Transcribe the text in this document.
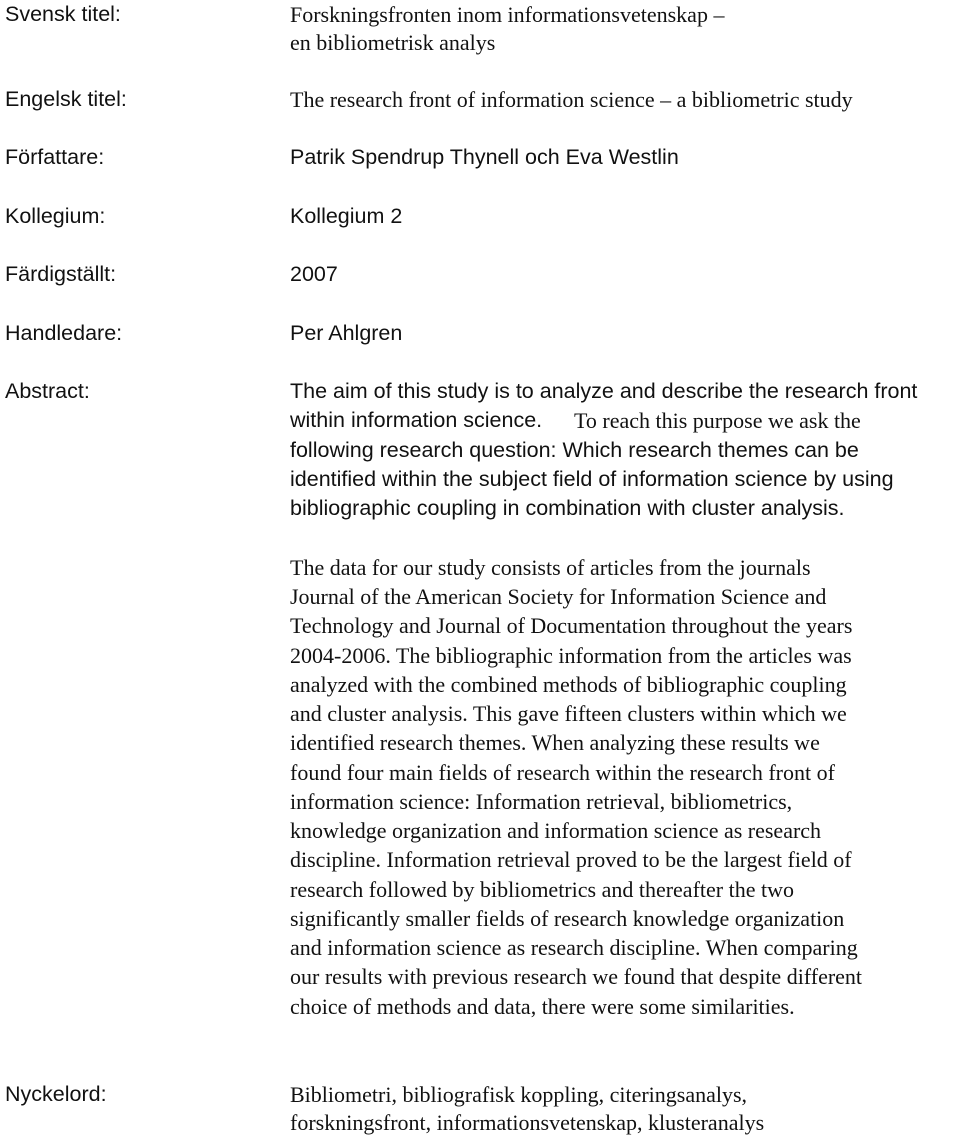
Svensk titel:	Forskningsfronten inom informationsvetenskap –
en bibliometrisk analys
Engelsk titel:	The research front of information science – a bibliometric study
Författare:	Patrik Spendrup Thynell och Eva Westlin
Kollegium:	Kollegium 2
Färdigställt:	2007
Handledare:	Per Ahlgren
Abstract:	The aim of this study is to analyze and describe the research front
within information science. To reach this purpose we ask the
following research question: Which research themes can be
identified within the subject field of information science by using
bibliographic coupling in combination with cluster analysis.
The data for our study consists of articles from the journals
Journal of the American Society for Information Science and
Technology and Journal of Documentation throughout the years
2004-2006. The bibliographic information from the articles was
analyzed with the combined methods of bibliographic coupling
and cluster analysis. This gave fifteen clusters within which we
identified research themes. When analyzing these results we
found four main fields of research within the research front of
information science: Information retrieval, bibliometrics,
knowledge organization and information science as research
discipline. Information retrieval proved to be the largest field of
research followed by bibliometrics and thereafter the two
significantly smaller fields of research knowledge organization
and information science as research discipline. When comparing
our results with previous research we found that despite different
choice of methods and data, there were some similarities.
Nyckelord:	Bibliometri, bibliografisk koppling, citeringsanalys,
forskningsfront, informationsvetenskap, klusteranalys
